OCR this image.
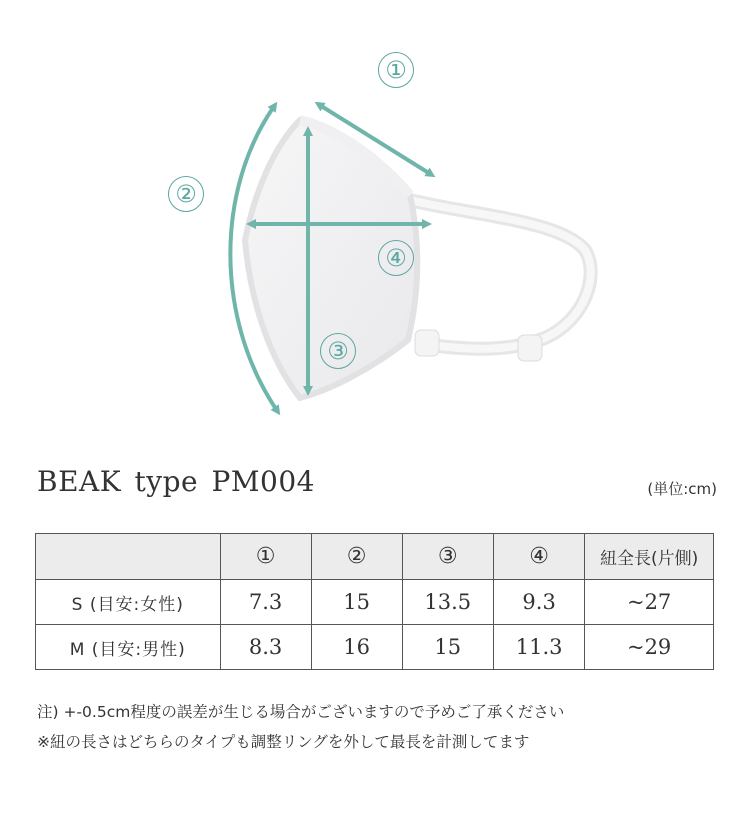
①
②
③
④
BEAK type PM004	(単位:cm)
	①	②	③	④	紐全長(片側)
S (目安:女性)	7.3	15	13.5	9.3	~27
M (目安:男性)	8.3	16	15	11.3	~29
注) +-0.5cm程度の誤差が生じる場合がございますので予めご了承ください
※紐の長さはどちらのタイプも調整リングを外して最長を計測してます
